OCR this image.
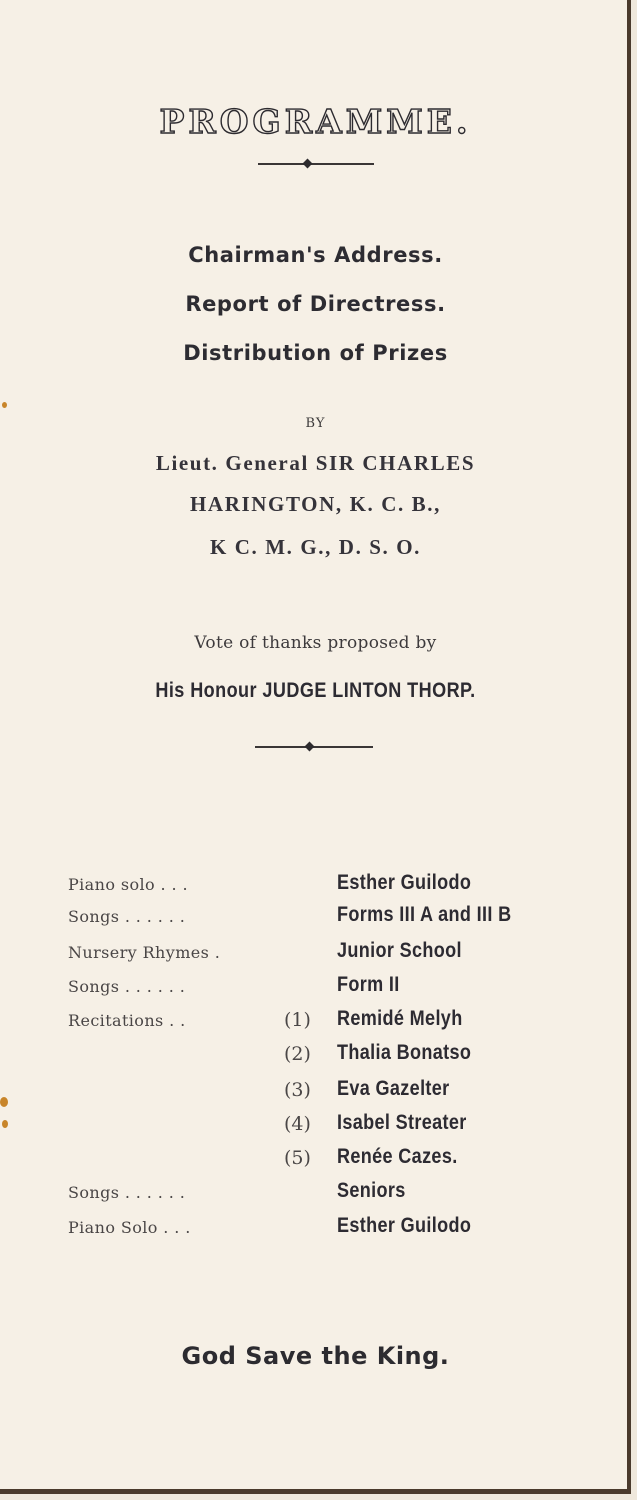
PROGRAMME.
Chairman's Address.
Report of Directress.
Distribution of Prizes
BY
Lieut. General SIR CHARLES
HARINGTON, K. C. B.,
K C. M. G., D. S. O.
Vote of thanks proposed by
His Honour JUDGE LINTON THORP.
Piano solo . . .	Esther Guilodo
Songs . . . . . .	Forms III A and III B
Nursery Rhymes .	Junior School
Songs . . . . . .	Form II
Recitations . .	(1)	Remidé Melyh
(2)	Thalia Bonatso
(3)	Eva Gazelter
(4)	Isabel Streater
(5)	Renée Cazes.
Songs . . . . . .	Seniors
Piano Solo . . .	Esther Guilodo
God Save the King.
